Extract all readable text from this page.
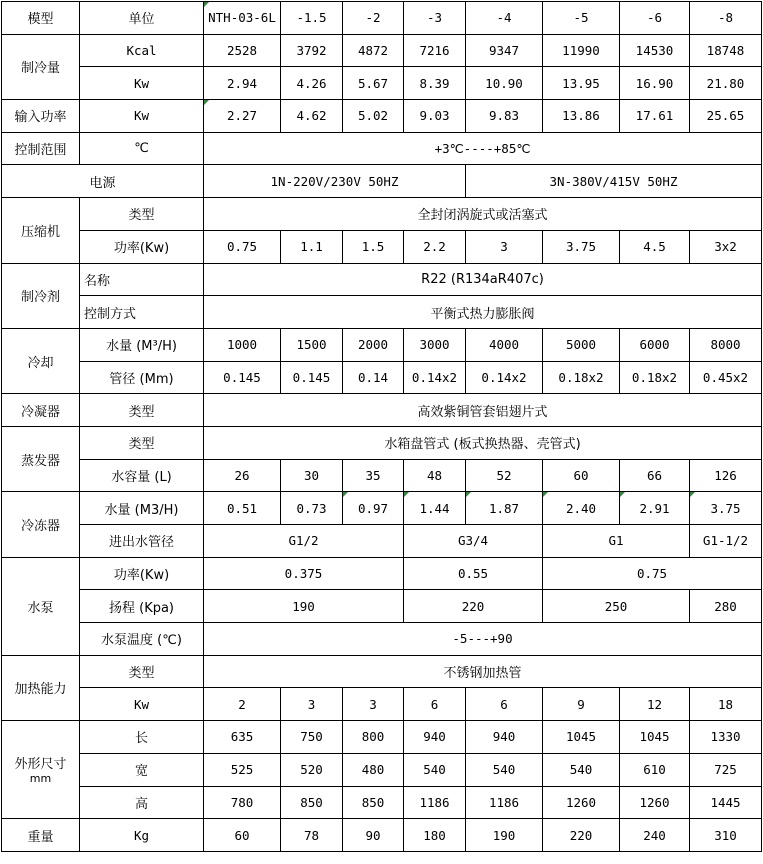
模型	单位	NTH-03-6L	-1.5	-2	-3	-4	-5	-6	-8
制冷量	Kcal	2528	3792	4872	7216	9347	11990	14530	18748
	Kw	2.94	4.26	5.67	8.39	10.90	13.95	16.90	21.80
输入功率	Kw	2.27	4.62	5.02	9.03	9.83	13.86	17.61	25.65
控制范围	℃	+3℃----+85℃							
电源		1N-220V/230V 50HZ				3N-380V/415V 50HZ			
压缩机	类型	全封闭涡旋式或活塞式							
	功率(Kw)	0.75	1.1	1.5	2.2	3	3.75	4.5	3x2
制冷剂	名称	R22 (R134aR407c)							
	控制方式	平衡式热力膨胀阀							
冷却	水量 (M³/H)	1000	1500	2000	3000	4000	5000	6000	8000
	管径 (Mm)	0.145	0.145	0.14	0.14x2	0.14x2	0.18x2	0.18x2	0.45x2
冷凝器	类型	高效紫铜管套铝翅片式							
蒸发器	类型	水箱盘管式 (板式换热器、壳管式)							
	水容量 (L)	26	30	35	48	52	60	66	126
冷冻器	水量 (M3/H)	0.51	0.73	0.97	1.44	1.87	2.40	2.91	3.75
	进出水管径	G1/2			G3/4		G1		G1-1/2
水泵	功率(Kw)	0.375			0.55		0.75		
	扬程 (Kpa)	190			220		250		280
	水泵温度 (℃)	-5---+90							
加热能力	类型	不锈钢加热管							
	Kw	2	3	3	6	6	9	12	18
外形尺寸
mm	长	635	750	800	940	940	1045	1045	1330
	宽	525	520	480	540	540	540	610	725
	高	780	850	850	1186	1186	1260	1260	1445
重量	Kg	60	78	90	180	190	220	240	310
